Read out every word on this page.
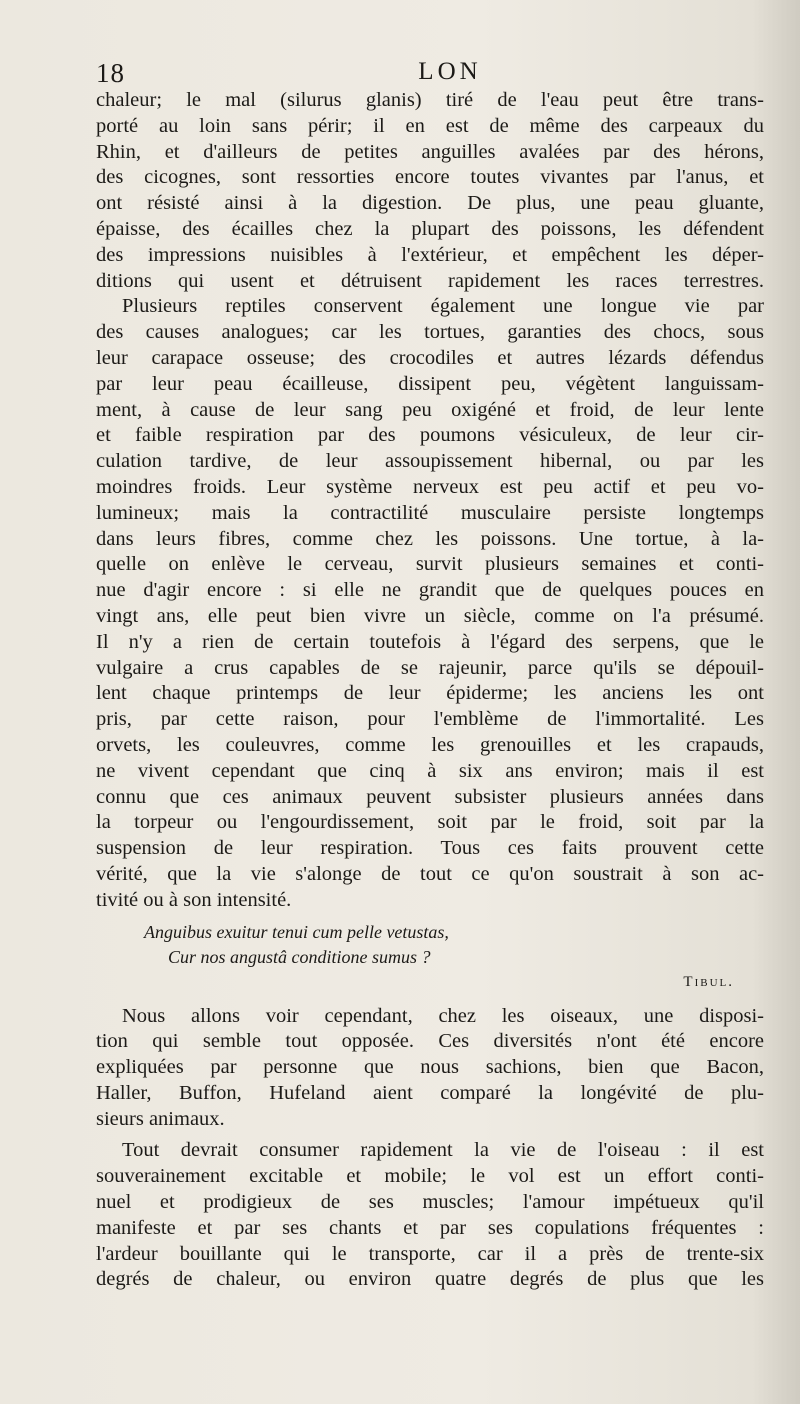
18	LON
chaleur; le mal (silurus glanis) tiré de l'eau peut être trans-
porté au loin sans périr; il en est de même des carpeaux du
Rhin, et d'ailleurs de petites anguilles avalées par des hérons,
des cicognes, sont ressorties encore toutes vivantes par l'anus, et
ont résisté ainsi à la digestion. De plus, une peau gluante,
épaisse, des écailles chez la plupart des poissons, les défendent
des impressions nuisibles à l'extérieur, et empêchent les déper-
ditions qui usent et détruisent rapidement les races terrestres.
Plusieurs reptiles conservent également une longue vie par
des causes analogues; car les tortues, garanties des chocs, sous
leur carapace osseuse; des crocodiles et autres lézards défendus
par leur peau écailleuse, dissipent peu, végètent languissam-
ment, à cause de leur sang peu oxigéné et froid, de leur lente
et faible respiration par des poumons vésiculeux, de leur cir-
culation tardive, de leur assoupissement hibernal, ou par les
moindres froids. Leur système nerveux est peu actif et peu vo-
lumineux; mais la contractilité musculaire persiste longtemps
dans leurs fibres, comme chez les poissons. Une tortue, à la-
quelle on enlève le cerveau, survit plusieurs semaines et conti-
nue d'agir encore : si elle ne grandit que de quelques pouces en
vingt ans, elle peut bien vivre un siècle, comme on l'a présumé.
Il n'y a rien de certain toutefois à l'égard des serpens, que le
vulgaire a crus capables de se rajeunir, parce qu'ils se dépouil-
lent chaque printemps de leur épiderme; les anciens les ont
pris, par cette raison, pour l'emblème de l'immortalité. Les
orvets, les couleuvres, comme les grenouilles et les crapauds,
ne vivent cependant que cinq à six ans environ; mais il est
connu que ces animaux peuvent subsister plusieurs années dans
la torpeur ou l'engourdissement, soit par le froid, soit par la
suspension de leur respiration. Tous ces faits prouvent cette
vérité, que la vie s'alonge de tout ce qu'on soustrait à son ac-
tivité ou à son intensité.
Anguibus exuitur tenui cum pelle vetustas,
Cur nos angustâ conditione sumus ?
Tibul.
Nous allons voir cependant, chez les oiseaux, une disposi-
tion qui semble tout opposée. Ces diversités n'ont été encore
expliquées par personne que nous sachions, bien que Bacon,
Haller, Buffon, Hufeland aient comparé la longévité de plu-
sieurs animaux.
Tout devrait consumer rapidement la vie de l'oiseau : il est
souverainement excitable et mobile; le vol est un effort conti-
nuel et prodigieux de ses muscles; l'amour impétueux qu'il
manifeste et par ses chants et par ses copulations fréquentes :
l'ardeur bouillante qui le transporte, car il a près de trente-six
degrés de chaleur, ou environ quatre degrés de plus que les
